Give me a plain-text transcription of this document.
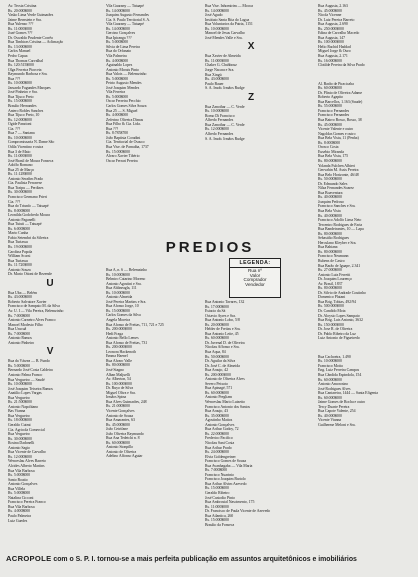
Av. Tecsta Cristina
Rs. 20:000$000
Vasko Lima Verde Guimarães
Jaime Bernstein e Sra.
Rua Yulenzo ???
Rs. 11:000$000
Joaé Gomes ???
Dr. Oswaldo Prudente Corrêa
Rua Timbiras Cristina — Aclimação
Rs. 13:000$000
Carlos Manuel
Pedro Capua
Rua Thomaz Carvalhal
Rs. 120:515$000
Olga Ferreira Piorceta
Raymundo Barbosa e Sra.
Rua ???
Rs. 10:000$000
Jaruardo Fagundes Marques
José Pinheiro e Sra.
Rua Tijuco Preto
Rs. 15:000$000
Braulio Hernandes
Antero Robles Sanches
Rua Tijuco Preto, 10
Rs. 12:000$000
Ogide Panzioni
Cia. ???
Rua 7 — Santana
Rs. 10:000$000
Compromissaria N. Dame São
Odila Vicentino e outra
Rua 3 de Maio
Rs. 11:000$000
José Brasil de Moura Fonseca
Adolfo Romano
Rua 25 de Março
Rs. 11:128$000
Antonio Serafim Prado
Cia. Paulista Ferrarese
Rua Traipu — Perdizes
Rs. 30:000$000
Francisco Germano Prieri
Cia. ???
Rua do Triunfo — Tatuapé
Rs. 8:000$000
Leonilda Godofredo Moura
Antonio Paganelli
Rua Tuiuti — Tatuapé
Rs. 6:000$000
Mario Cunha
Fabio Setembri da Silveira
Rua Turiassu
Rs. 19:000$000
Carolina Papola
William Scarsi
Rua Turiassu
Rs. 11:720$000
Antonio Souza
Dr. Mario Ottoni de Rezende
U
Rua Uba — Belém
Rs. 43:000$000
Roberto Salvatore Xavier
Francisco de Sampaio M. da Silva
Av. U. I — Vila Pereira, Belemzinho
Rs. 7:000$000
Antonio Carneiro Alves Franco
Manoel Modesto Filho
Rua Urucuã
Rs. 7:000$000
Antonio Ramos
Antonio Pinheiro
V
Rua da Várzea — B. Fundo
Rs. 5:000$000
Bernardo José Costa Caldeira
Antonio Palma Franco
Rua Vergueiro — Saudé
Rs. 10:000$000
José Joaquim Teixeira Ramos
Anatilio Lopes Vargas
Rua Vergueiro
Rs. 21:500$000
Antonio Napolitano
Bas Vianna
Rua Vergueiro
Rs. 18:000$000
Geraldo Cutmi
Cia. Agricola Comercial
Rua Vergueiro
Rs. 30:000$000
Rosina Dadonelli
Antonio Sagio
Rua Vicente de Carvalho
Rs. 12:000$000
Wenceslau Alves Barreto
Alcides Alberto Martins
Rua Vila Barbosa
Rs. 5:000$000
Santo Boatto
Antonio Gonçalves
Rua Villela
Rs. 5:000$000
Natalina Cicconi
Francisco Pereira Franco
Rua Vila Barbosa
Rs. 4:000$000
Paulo Palmeira
Luiz Guedes
Vila Guarany — Tatuapé
Rs. 14:000$000
Joaquim Augusto Fernandes
Cia. S. Paulo Territorial S. A.
Vila Guarany — Tatuapé
Rs. 14:000$000
Gercino Gonçalves
Rua Ipiranga ???
Rs. 5:000$000
Silvia de Lima Pereira
Rua do Orfanato
Vila Palmeira
Rs. 4:000$000
Aguinaldo Lopes
Antonio Morais Pinto
Rua Valois — Belemzinho
Rs. 5:000$000
Petrio Augusto Mendes
José Joaquim Mendes
Vila Ferreira
Rs. 5:000$000
Oscar Ferreira Pecchio
Carlos Gomes Silva Souza
Rua 25 — S. Miguel
Rs. 4:000$000
Zeferino Oliveira Dimas
Rua Filho & Cia. Ltda.
Rua ???
Rs. 8:785$700
João Baptista Coradini
Cia. Territorial de Osasco
Rua Vise. de Parnaíba, 1737
Rs. 15:000$000
Alvaro Xavier Tibério
Oscar Ferrari Pereira
Rua Vise. Inhomirim — Mooca
Rs. 14:000$000
José Agudo
Instituto Santa Rita do Lagoa
Rua Voluntarios da Patria, 1151
Rs. 10:000$000
Manoel de Jesus Carvalho
José Mendes Valle e Sra.
X
Rua Xavier de Almeida
Rs. 11:000$000
Chaker G. Chahbouz
Jorge Nacara e Sra.
Rua Xingú
Rs. 43:000$000
Paulo Bauer
S. A. Imob. Irmãos Rudge
Z
Rua Zanothar — C. Verde
Rs. 10:000$000
Romo Di Francisco
Alfredo Fernandes
Rua Zanothar — C. Verde
Rs. 12:000$000
Alfredo Fernandes
S. A. Imob. Irmãos Rudge
Rua Augusta, 2.163
Rs. 45:000$000
Nicola Vicenne
Dr. Luiz Pereira Barreto
Rua Augusta, 2.690
Rs. 250:000$000
Edina de Carvalho Macedo
Rua Augusta, 147
Rs. 100:000$000
Helio Rachid Haddad
Miguel Jorge & Ouro
Rua Augusta, 2.171
Rs. 16:000$000
Clotilde Pereira da Silva Prado
Al. Barão de Piracicaba
Rs. 60:000$000
Dr. Plinio de Oliveira Adame
Roberto Agapito
Rua Barcellos, 1.163 (Saude)
Rs. 55:000$000
Francisco Fernandes
Francisco Fernandes
Rua Bairro Bosso, Bosso, 38
Rs. 45:000$000
Vicente Valente e outro
Nagoldas Gomes e outro
Rua Bela Vista, 11 (Penha)
Rs. 8:000$000
Orosco Costa
Eusebio Miranda
Rua Bela Vista, 175
Rs. 80:000$000
Yolanda Fulchen Albieri
Geovahin M. Assis Pereira
Rua Belo Horizonte, 46/48
Rs. 50:000$000
Dr. Edmundo Sales
Nilza Fernandes Soarez
Rua Boaventura
Rs. 40:000$000
Joaquim Pedroso
Francisco Sanches e Sra.
Rua Bela Vista
Rs. 40:000$000
Francisco Adolfo Lima Neto
Tercentro Rodrigues de Faria
Rua Bandeirantes, 10 — Lapa
Rs. 80:000$000
Sebastião Rodrigues
Herculano Kleyber e Sra.
Rua Bahiana
Rs. 80:000$000
Francisco Neumann
Rubens de Castro
Rua Barão de Iguape, 2.341
Rs. 27:000$000
Antonio Luiz Ferretti
Dr. Joaquim Lourenço
Av. Brasil, 1837
Rs. 80:000$000
Dr. Silvio de Andrade Coutinho
Domenico Platani
Rua Brig. Tobias, 492/94
Rs. 500:000$000
Dr. Candido Mota
Dr. Aloysio Lopes Sampaio
Rua Brig. Luis Antonio, 3632
Rs. 150:000$000
Dr. Jose R. de Oliveira
Dr. Pablo Ribeiro da Luz
Luiz Antonio de Figueiredo
Rua Cachoeira, 1.490
Rs. 10:000$000
Francisco Motta
Eng. Luiz Ferreira Campos
Rua Cândida Espindola, 154
Rs. 60:000$000
Antonio Amorosino
José Rodrigues Alves
Rua Cantareira, 1444 — Santa Efigenia
Rs. 60:000$000
Jaime Gomes de Rocha e outro
Tercy Duarte Pereira
Rua Capote Valente, 254
Rs. 40:000$000
Vicente Vianna
Guilherme Meloni e Sra.
PREDIOS
LEGENDA:
Rua nº
Valor
Comprador
Vendedor
Rua A, n. 6 — Belemzinho
Rs. 10:000$000
Belmiro Catarino Moreno
Antonio Agostini e Sra.
Rua Ablineagla, 111
Rs. 10:000$000
Antonio Almeida
José Pereira Martins e Sra.
Rua Afonso Jorge, 10
Rs. 15:000$000
Carlos Gomes da Silva
Angela Moreira
Rua Afonso de Freitas, 711, 721 e 725
Rs. 200:000$000
Hedi Fraga
Antonio Bello Lemes
Rua Afonso de Freitas, 731
Rs. 200:000$000
Leonora Hackenoth
Emma Haenel
Rua Alvaro Valle
Rs. 80:000$000
José Stagno
Alban Maljuelli
Av. Alberton, 54
Rs. 100:000$000
Dr. Ruyo de Silva
Miguel Oliva e Sra.
Irmãos Spina
Rua Alves Guimarães, 248
Rs. 21:000$000
Vicente Gonçalves
Antonio de Souza
Rua Amarantes, 63
Rs. 45:000$000
João Cetrifane
João Oliveira Raymundo
Rua Ana Tedetchi n. 8
Rs. 60:000$000
Antonio Stonpillo
Antonio de Oliveira
Adelino Affonso Aguiar
Rua Antonio Tavares, 132
Rs. 17:000$000
Estacio da Sá
Octavio Ayres e Sra.
Rua Antonio Lobo, 5/8
Rs. 20:000$000
Helder de Freitas e Sra.
Rua Antonio Leite, 45
Rs. 60:000$000
Dr. Juvenal D. de Oliveira
Nicolau Affonso e Sra.
Rua Aqua, 84
Rs. 50:000$000
Dr. Aguilar da Silva
Dr. José C. de Almeida
Rua Araujo, 42
Rs. 200:000$000
Antonio de Oliveira Alves
Severo Peixoto
Rua Apinagé, 571
Rs. 60:000$000
Antonio Pregliam
Wenceslau Mario Luizetto
Francisco Antonio dos Santos
Rua Araujo, 43
Rs. 35:000$000
Agostinho Mattos
Antonio Gonçalves
Rua Arthur Godoy, 72
Rs. 22:000$000
Frederico Pacifico
Nicolau Sani Costa
Rua Arthur Prado
Rs. 24:000$000
Elvia Goldengreiner
Francisco Gomes de Souza
Rua Avanhagaba — Vila Maria
Rs. 7:000$000
Francisco Nuarinio
Francisco Joaquim Bartolo
Rua Arthur Alvim Azevedo
Rs. 15:000$000
Geraldo Ribeiro
José Custodio Pinto
Rua Ambrosial Nascimento, 175
Rs. 11:000$000
Dr. Francisco de Paula Vicente de Azevedo
Rua Atlantica, 260
Rs. 15:000$000
Braulio da Fonseca
ACROPOLE com o S. P. I. tornou-se a mais perfeita publicação em assuntos arquitetônicos e imobiliários
